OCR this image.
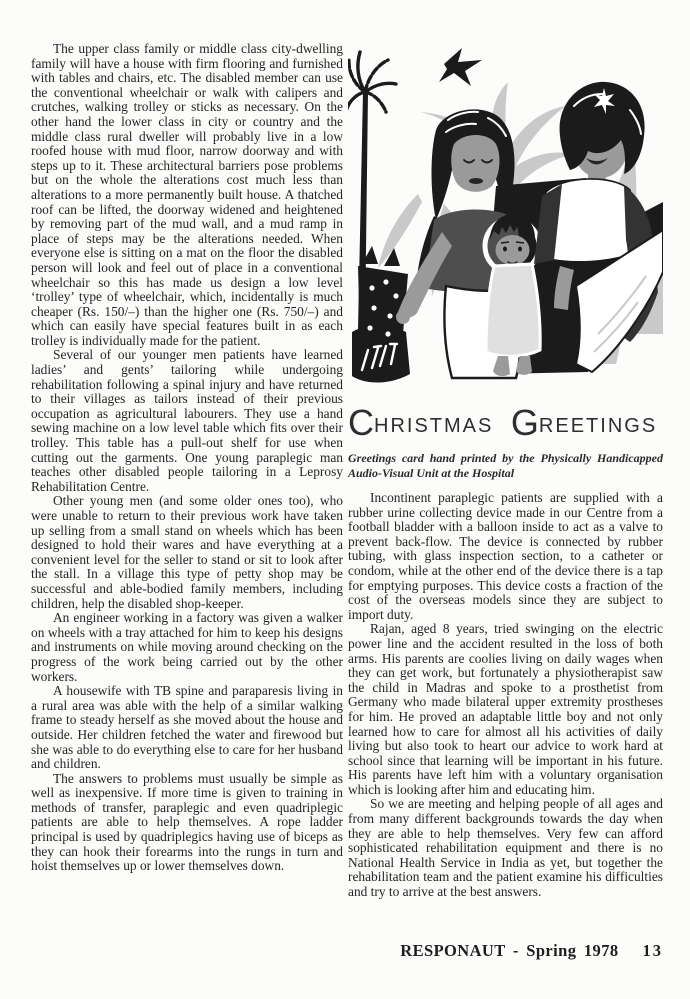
The upper class family or middle class city-dwelling family will have a house with firm flooring and furnished with tables and chairs, etc. The disabled member can use the conventional wheelchair or walk with calipers and crutches, walking trolley or sticks as necessary. On the other hand the lower class in city or country and the middle class rural dweller will probably live in a low roofed house with mud floor, narrow doorway and with steps up to it. These architectural barriers pose problems but on the whole the alterations cost much less than alterations to a more permanently built house. A thatched roof can be lifted, the doorway widened and heightened by removing part of the mud wall, and a mud ramp in place of steps may be the alterations needed. When everyone else is sitting on a mat on the floor the disabled person will look and feel out of place in a conventional wheelchair so this has made us design a low level ‘trolley’ type of wheelchair, which, incidentally is much cheaper (Rs. 150/–) than the higher one (Rs. 750/–) and which can easily have special features built in as each trolley is individually made for the patient.

Several of our younger men patients have learned ladies’ and gents’ tailoring while undergoing rehabilitation following a spinal injury and have returned to their villages as tailors instead of their previous occupation as agricultural labourers. They use a hand sewing machine on a low level table which fits over their trolley. This table has a pull-out shelf for use when cutting out the garments. One young paraplegic man teaches other disabled people tailoring in a Leprosy Rehabilitation Centre.

Other young men (and some older ones too), who were unable to return to their previous work have taken up selling from a small stand on wheels which has been designed to hold their wares and have everything at a convenient level for the seller to stand or sit to look after the stall. In a village this type of petty shop may be successful and able-bodied family members, including children, help the disabled shop-keeper.

An engineer working in a factory was given a walker on wheels with a tray attached for him to keep his designs and instruments on while moving around checking on the progress of the work being carried out by the other workers.

A housewife with TB spine and paraparesis living in a rural area was able with the help of a similar walking frame to steady herself as she moved about the house and outside. Her children fetched the water and firewood but she was able to do everything else to care for her husband and children.

The answers to problems must usually be simple as well as inexpensive. If more time is given to training in methods of transfer, paraplegic and even quadriplegic patients are able to help themselves. A rope ladder principal is used by quadriplegics having use of biceps as they can hook their forearms into the rungs in turn and hoist themselves up or lower themselves down.

CHRISTMAS GREETINGS

Greetings card hand printed by the Physically Handicapped Audio-Visual Unit at the Hospital

Incontinent paraplegic patients are supplied with a rubber urine collecting device made in our Centre from a football bladder with a balloon inside to act as a valve to prevent back-flow. The device is connected by rubber tubing, with glass inspection section, to a catheter or condom, while at the other end of the device there is a tap for emptying purposes. This device costs a fraction of the cost of the overseas models since they are subject to import duty.

Rajan, aged 8 years, tried swinging on the electric power line and the accident resulted in the loss of both arms. His parents are coolies living on daily wages when they can get work, but fortunately a physiotherapist saw the child in Madras and spoke to a prosthetist from Germany who made bilateral upper extremity prostheses for him. He proved an adaptable little boy and not only learned how to care for almost all his activities of daily living but also took to heart our advice to work hard at school since that learning will be important in his future. His parents have left him with a voluntary organisation which is looking after him and educating him.

So we are meeting and helping people of all ages and from many different backgrounds towards the day when they are able to help themselves. Very few can afford sophisticated rehabilitation equipment and there is no National Health Service in India as yet, but together the rehabilitation team and the patient examine his difficulties and try to arrive at the best answers.

RESPONAUT - Spring 1978 13
